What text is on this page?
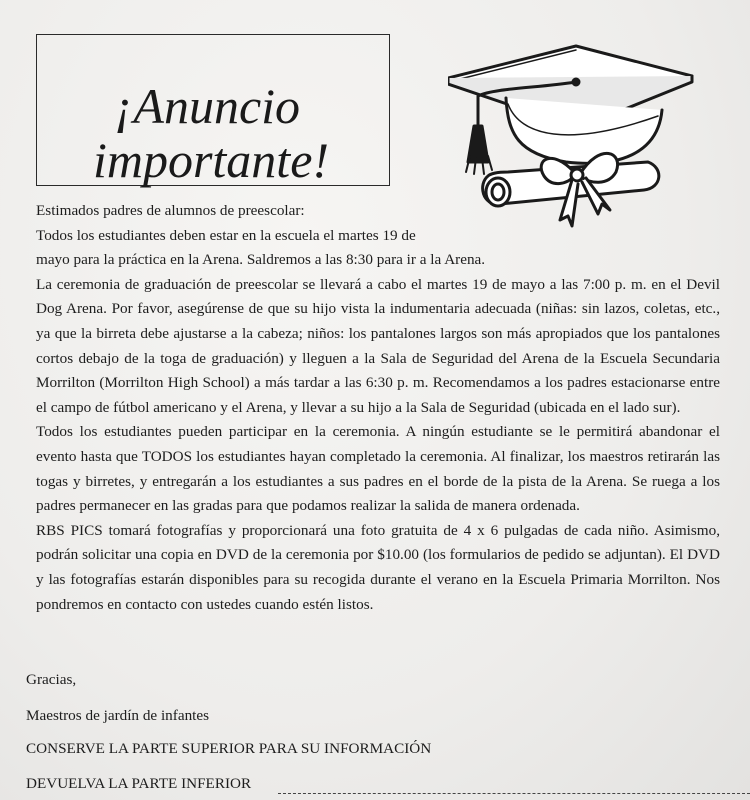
¡Anuncio
importante!

Estimados padres de alumnos de preescolar:

Todos los estudiantes deben estar en la escuela el martes 19 de

mayo para la práctica en la Arena. Saldremos a las 8:30 para ir a la Arena.

La ceremonia de graduación de preescolar se llevará a cabo el martes 19 de mayo a las 7:00 p. m. en el Devil Dog Arena. Por favor, asegúrense de que su hijo vista la indumentaria adecuada (niñas: sin lazos, coletas, etc., ya que la birreta debe ajustarse a la cabeza; niños: los pantalones largos son más apropiados que los pantalones cortos debajo de la toga de graduación) y lleguen a la Sala de Seguridad del Arena de la Escuela Secundaria Morrilton (Morrilton High School) a más tardar a las 6:30 p. m. Recomendamos a los padres estacionarse entre el campo de fútbol americano y el Arena, y llevar a su hijo a la Sala de Seguridad (ubicada en el lado sur).

Todos los estudiantes pueden participar en la ceremonia. A ningún estudiante se le permitirá abandonar el evento hasta que TODOS los estudiantes hayan completado la ceremonia. Al finalizar, los maestros retirarán las togas y birretes, y entregarán a los estudiantes a sus padres en el borde de la pista de la Arena. Se ruega a los padres permanecer en las gradas para que podamos realizar la salida de manera ordenada.

RBS PICS tomará fotografías y proporcionará una foto gratuita de 4 x 6 pulgadas de cada niño. Asimismo, podrán solicitar una copia en DVD de la ceremonia por $10.00 (los formularios de pedido se adjuntan). El DVD y las fotografías estarán disponibles para su recogida durante el verano en la Escuela Primaria Morrilton. Nos pondremos en contacto con ustedes cuando estén listos.

Gracias,
Maestros de jardín de infantes
CONSERVE LA PARTE SUPERIOR PARA SU INFORMACIÓN
DEVUELVA LA PARTE INFERIOR
